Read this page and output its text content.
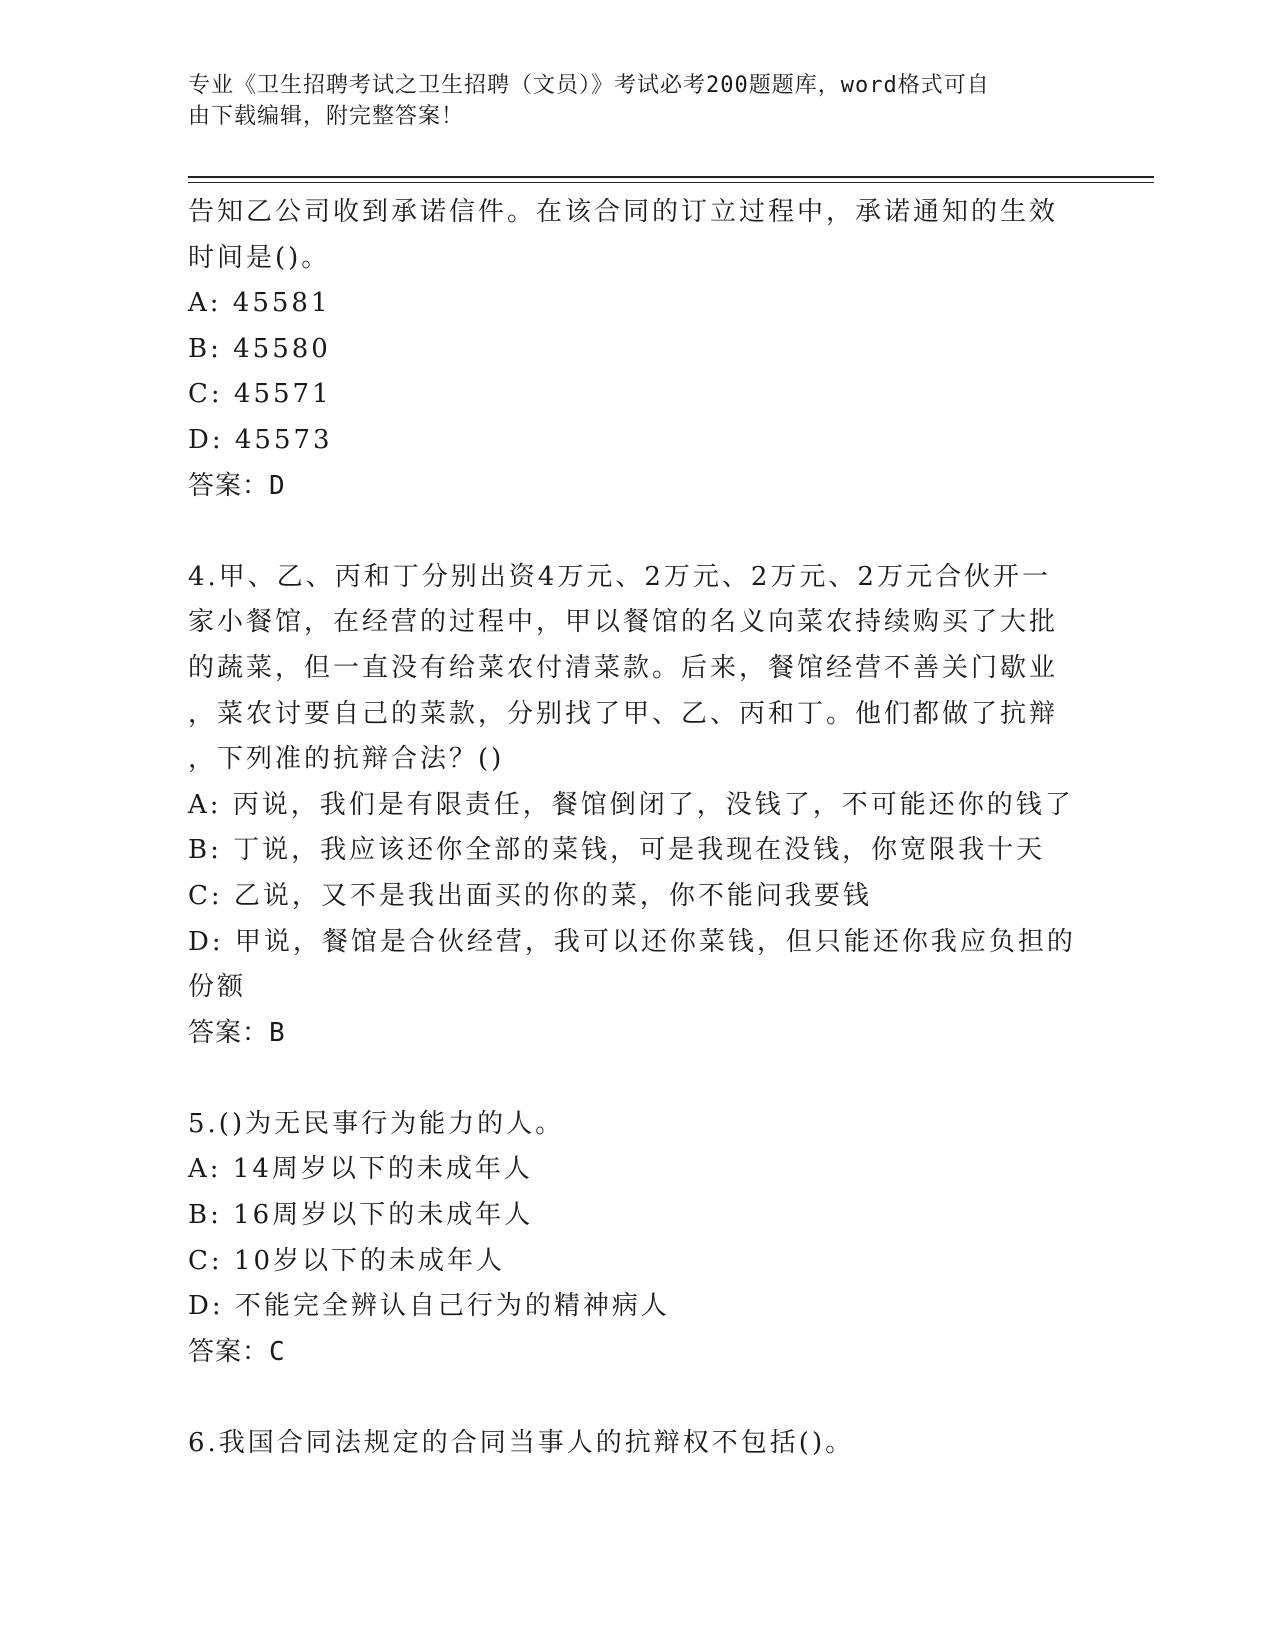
专业《卫生招聘考试之卫生招聘（文员）》考试必考200题题库，word格式可自
由下载编辑，附完整答案！
告知乙公司收到承诺信件。在该合同的订立过程中，承诺通知的生效
时间是()。
A: 45581
B: 45580
C: 45571
D: 45573
答案：D
4.甲、乙、丙和丁分别出资4万元、2万元、2万元、2万元合伙开一
家小餐馆，在经营的过程中，甲以餐馆的名义向菜农持续购买了大批
的蔬菜，但一直没有给菜农付清菜款。后来，餐馆经营不善关门歇业
，菜农讨要自己的菜款，分别找了甲、乙、丙和丁。他们都做了抗辩
，下列准的抗辩合法？()
A: 丙说，我们是有限责任，餐馆倒闭了，没钱了，不可能还你的钱了
B: 丁说，我应该还你全部的菜钱，可是我现在没钱，你宽限我十天
C: 乙说，又不是我出面买的你的菜，你不能问我要钱
D: 甲说，餐馆是合伙经营，我可以还你菜钱，但只能还你我应负担的
份额
答案：B
5.()为无民事行为能力的人。
A: 14周岁以下的未成年人
B: 16周岁以下的未成年人
C: 10岁以下的未成年人
D: 不能完全辨认自己行为的精神病人
答案：C
6.我国合同法规定的合同当事人的抗辩权不包括()。
